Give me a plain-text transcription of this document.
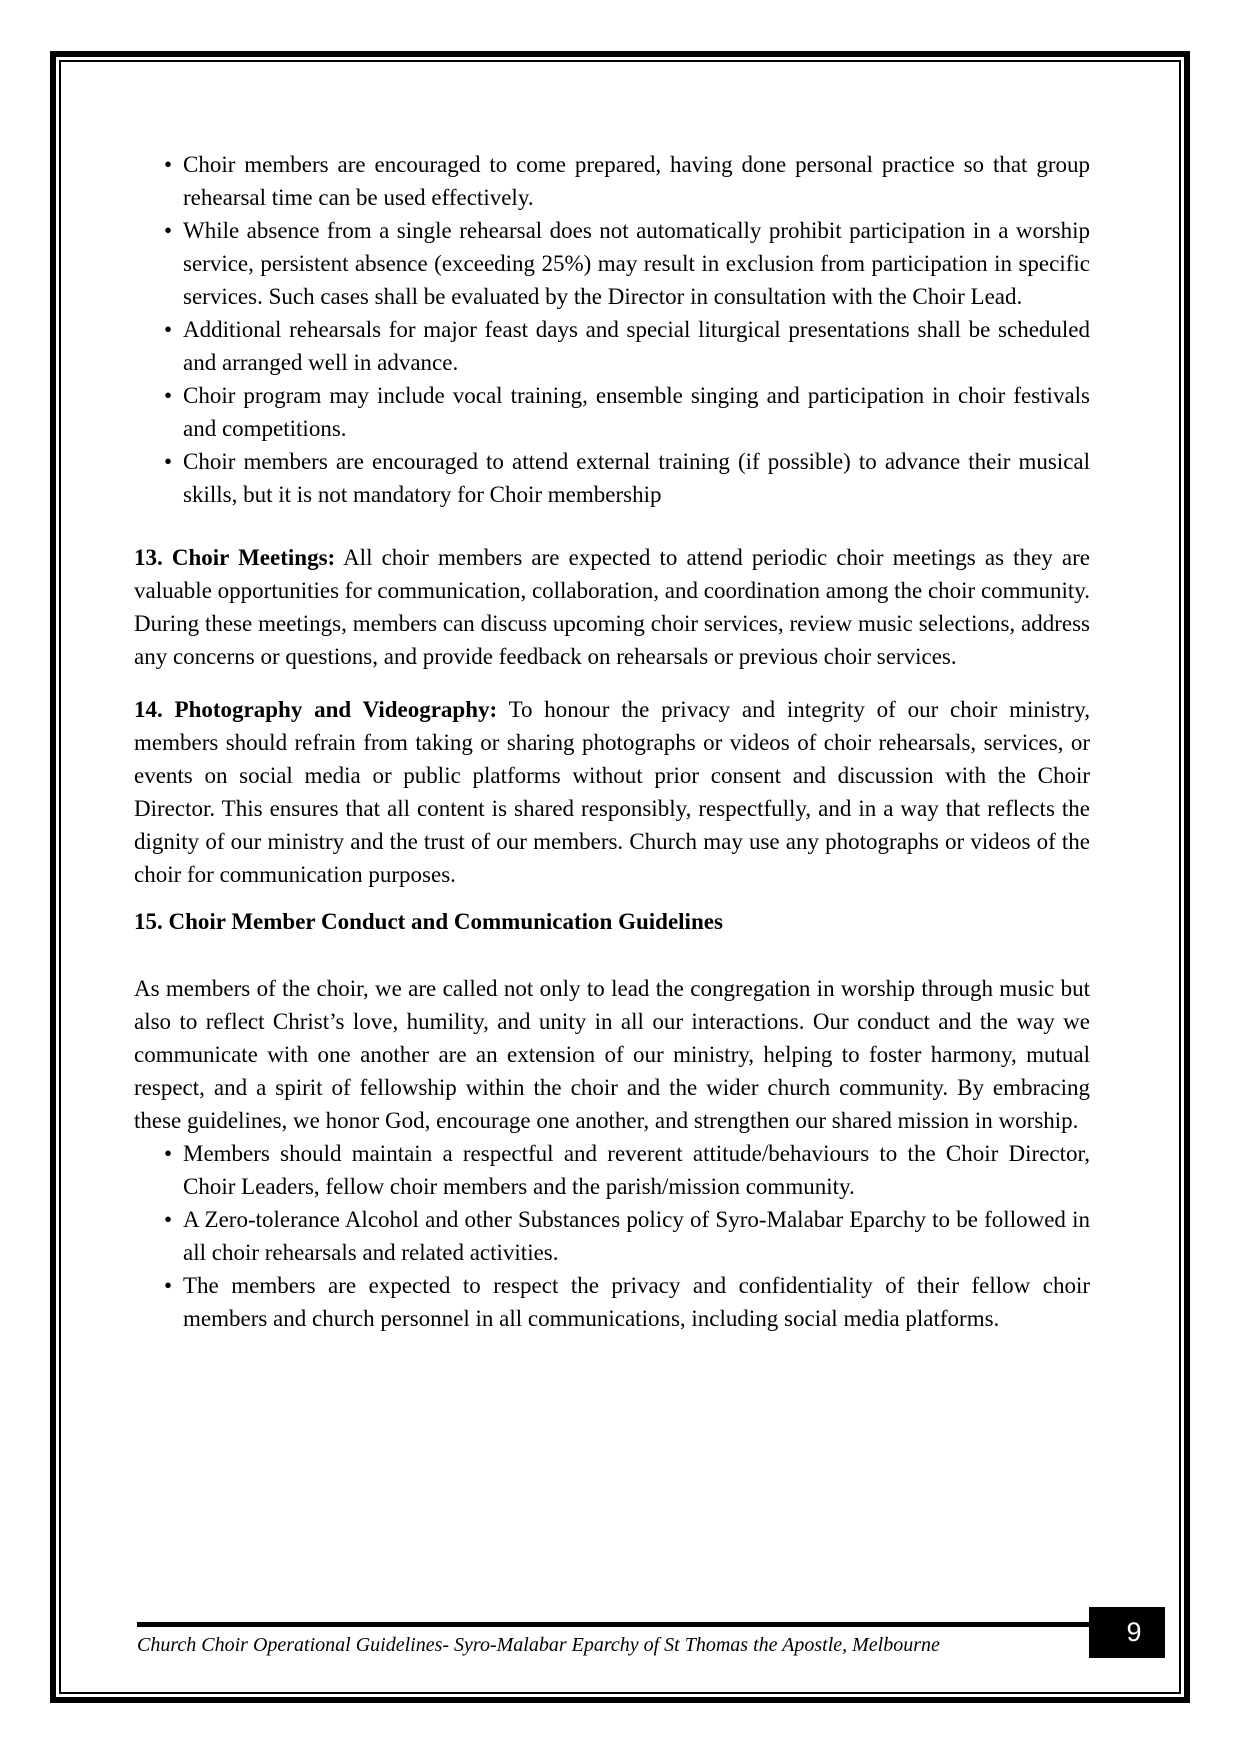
• Choir members are encouraged to come prepared, having done personal practice so that group rehearsal time can be used effectively.
• While absence from a single rehearsal does not automatically prohibit participation in a worship service, persistent absence (exceeding 25%) may result in exclusion from participation in specific services. Such cases shall be evaluated by the Director in consultation with the Choir Lead.
• Additional rehearsals for major feast days and special liturgical presentations shall be scheduled and arranged well in advance.
• Choir program may include vocal training, ensemble singing and participation in choir festivals and competitions.
• Choir members are encouraged to attend external training (if possible) to advance their musical skills, but it is not mandatory for Choir membership

13. Choir Meetings: All choir members are expected to attend periodic choir meetings as they are valuable opportunities for communication, collaboration, and coordination among the choir community. During these meetings, members can discuss upcoming choir services, review music selections, address any concerns or questions, and provide feedback on rehearsals or previous choir services.

14. Photography and Videography: To honour the privacy and integrity of our choir ministry, members should refrain from taking or sharing photographs or videos of choir rehearsals, services, or events on social media or public platforms without prior consent and discussion with the Choir Director. This ensures that all content is shared responsibly, respectfully, and in a way that reflects the dignity of our ministry and the trust of our members. Church may use any photographs or videos of the choir for communication purposes.

15. Choir Member Conduct and Communication Guidelines

As members of the choir, we are called not only to lead the congregation in worship through music but also to reflect Christ’s love, humility, and unity in all our interactions. Our conduct and the way we communicate with one another are an extension of our ministry, helping to foster harmony, mutual respect, and a spirit of fellowship within the choir and the wider church community. By embracing these guidelines, we honor God, encourage one another, and strengthen our shared mission in worship.

• Members should maintain a respectful and reverent attitude/behaviours to the Choir Director, Choir Leaders, fellow choir members and the parish/mission community.
• A Zero-tolerance Alcohol and other Substances policy of Syro-Malabar Eparchy to be followed in all choir rehearsals and related activities.
• The members are expected to respect the privacy and confidentiality of their fellow choir members and church personnel in all communications, including social media platforms.
Church Choir Operational Guidelines- Syro-Malabar Eparchy of St Thomas the Apostle, Melbourne	9
